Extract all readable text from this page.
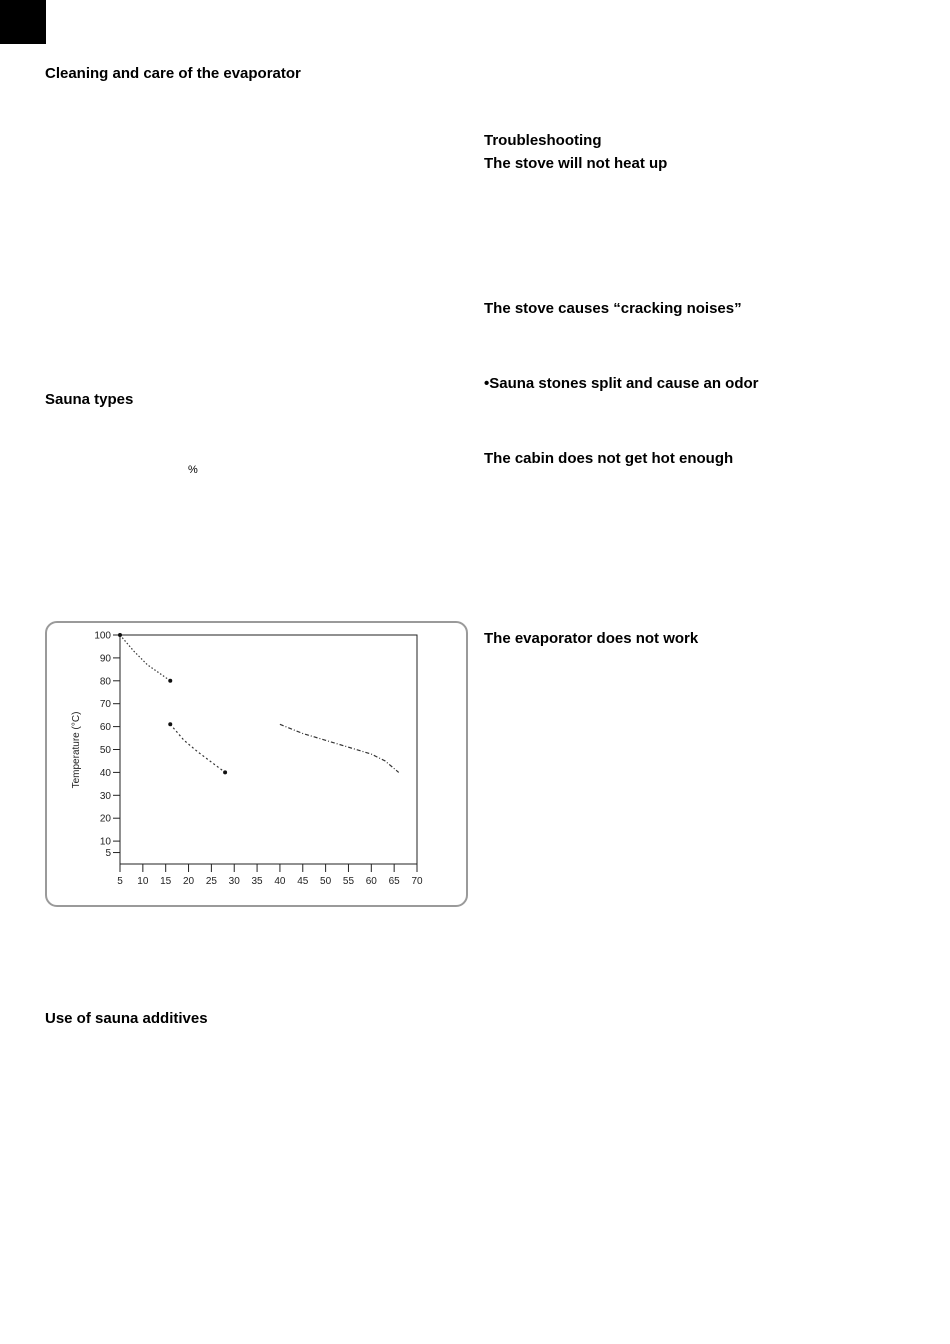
Cleaning and care of the evaporator
Sauna types
%
Use of sauna additives
Troubleshooting
The stove will not heat up
The stove causes “cracking noises”
•Sauna stones split and cause an odor
The cabin does not get hot enough
The evaporator does not work
100
90
80
70
60
50
40
30
20
10
5
5 10 15 20 25 30 35 40 45 50 55 60 65 70
Temperature (°C)
